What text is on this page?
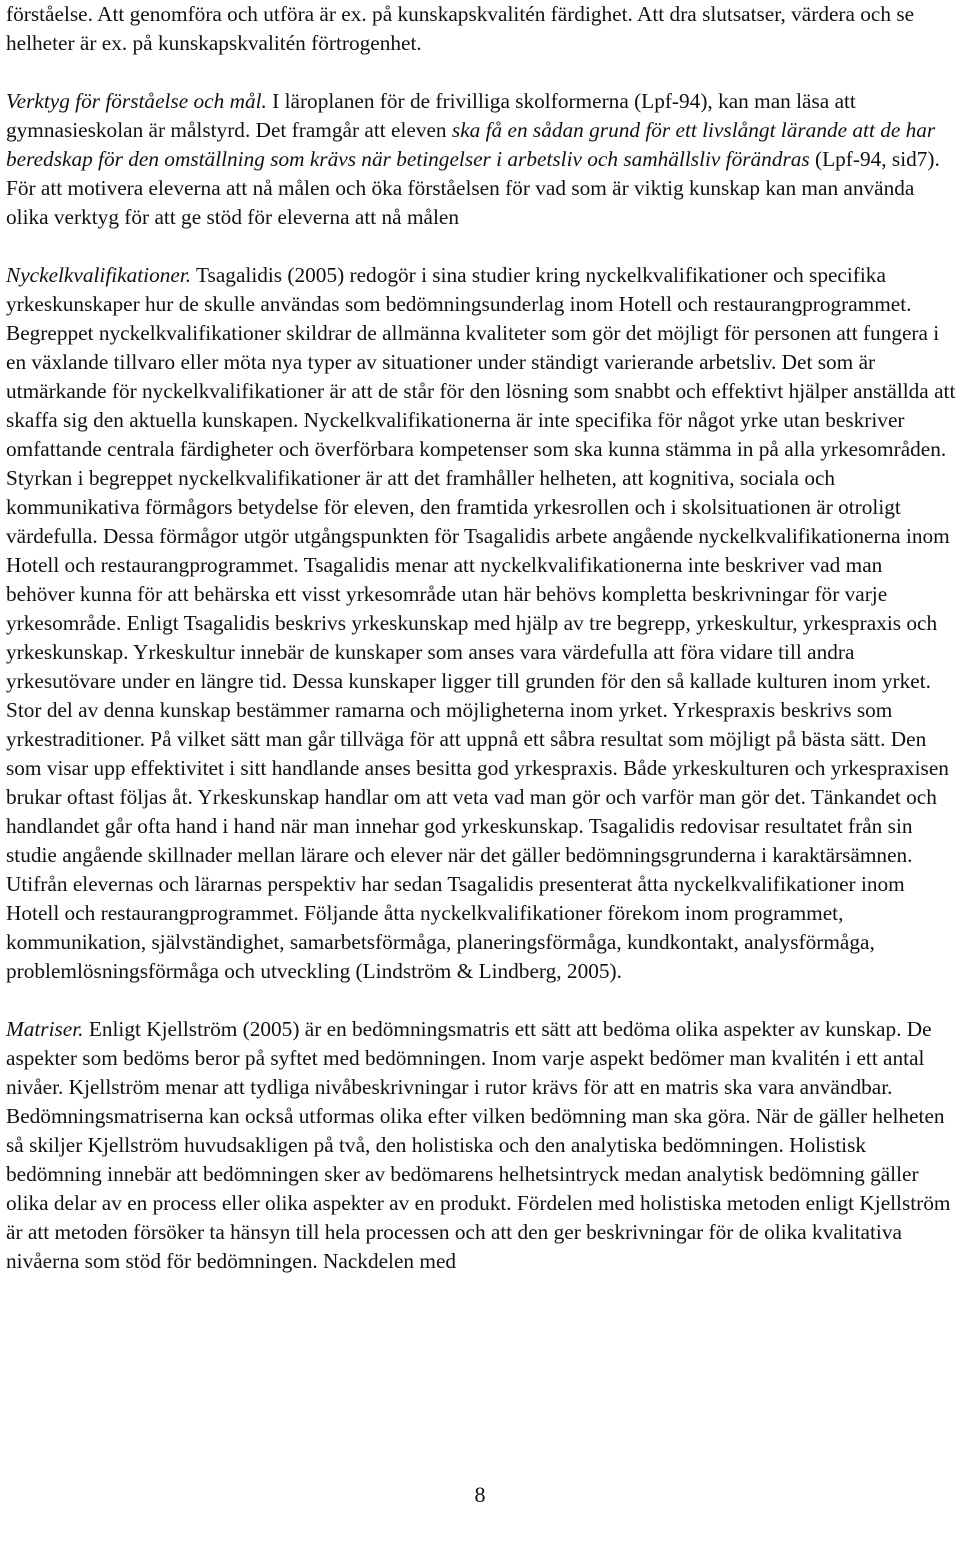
förståelse. Att genomföra och utföra är ex. på kunskapskvalitén färdighet. Att dra slutsatser, värdera och se helheter är ex. på kunskapskvalitén förtrogenhet.

Verktyg för förståelse och mål. I läroplanen för de frivilliga skolformerna (Lpf-94), kan man läsa att gymnasieskolan är målstyrd. Det framgår att eleven ska få en sådan grund för ett livslångt lärande att de har beredskap för den omställning som krävs när betingelser i arbetsliv och samhällsliv förändras (Lpf-94, sid7). För att motivera eleverna att nå målen och öka förståelsen för vad som är viktig kunskap kan man använda olika verktyg för att ge stöd för eleverna att nå målen

Nyckelkvalifikationer. Tsagalidis (2005) redogör i sina studier kring nyckelkvalifikationer och specifika yrkeskunskaper hur de skulle användas som bedömningsunderlag inom Hotell och restaurangprogrammet. Begreppet nyckelkvalifikationer skildrar de allmänna kvaliteter som gör det möjligt för personen att fungera i en växlande tillvaro eller möta nya typer av situationer under ständigt varierande arbetsliv. Det som är utmärkande för nyckelkvalifikationer är att de står för den lösning som snabbt och effektivt hjälper anställda att skaffa sig den aktuella kunskapen. Nyckelkvalifikationerna är inte specifika för något yrke utan beskriver omfattande centrala färdigheter och överförbara kompetenser som ska kunna stämma in på alla yrkesområden. Styrkan i begreppet nyckelkvalifikationer är att det framhåller helheten, att kognitiva, sociala och kommunikativa förmågors betydelse för eleven, den framtida yrkesrollen och i skolsituationen är otroligt värdefulla. Dessa förmågor utgör utgångspunkten för Tsagalidis arbete angående nyckelkvalifikationerna inom Hotell och restaurangprogrammet. Tsagalidis menar att nyckelkvalifikationerna inte beskriver vad man behöver kunna för att behärska ett visst yrkesområde utan här behövs kompletta beskrivningar för varje yrkesområde. Enligt Tsagalidis beskrivs yrkeskunskap med hjälp av tre begrepp, yrkeskultur, yrkespraxis och yrkeskunskap. Yrkeskultur innebär de kunskaper som anses vara värdefulla att föra vidare till andra yrkesutövare under en längre tid. Dessa kunskaper ligger till grunden för den så kallade kulturen inom yrket. Stor del av denna kunskap bestämmer ramarna och möjligheterna inom yrket. Yrkespraxis beskrivs som yrkestraditioner. På vilket sätt man går tillväga för att uppnå ett såbra resultat som möjligt på bästa sätt. Den som visar upp effektivitet i sitt handlande anses besitta god yrkespraxis. Både yrkeskulturen och yrkespraxisen brukar oftast följas åt. Yrkeskunskap handlar om att veta vad man gör och varför man gör det. Tänkandet och handlandet går ofta hand i hand när man innehar god yrkeskunskap. Tsagalidis redovisar resultatet från sin studie angående skillnader mellan lärare och elever när det gäller bedömningsgrunderna i karaktärsämnen. Utifrån elevernas och lärarnas perspektiv har sedan Tsagalidis presenterat åtta nyckelkvalifikationer inom Hotell och restaurangprogrammet. Följande åtta nyckelkvalifikationer förekom inom programmet, kommunikation, självständighet, samarbetsförmåga, planeringsförmåga, kundkontakt, analysförmåga, problemlösningsförmåga och utveckling (Lindström & Lindberg, 2005).

Matriser. Enligt Kjellström (2005) är en bedömningsmatris ett sätt att bedöma olika aspekter av kunskap. De aspekter som bedöms beror på syftet med bedömningen. Inom varje aspekt bedömer man kvalitén i ett antal nivåer. Kjellström menar att tydliga nivåbeskrivningar i rutor krävs för att en matris ska vara användbar. Bedömningsmatriserna kan också utformas olika efter vilken bedömning man ska göra. När de gäller helheten så skiljer Kjellström huvudsakligen på två, den holistiska och den analytiska bedömningen. Holistisk bedömning innebär att bedömningen sker av bedömarens helhetsintryck medan analytisk bedömning gäller olika delar av en process eller olika aspekter av en produkt. Fördelen med holistiska metoden enligt Kjellström är att metoden försöker ta hänsyn till hela processen och att den ger beskrivningar för de olika kvalitativa nivåerna som stöd för bedömningen. Nackdelen med

8
